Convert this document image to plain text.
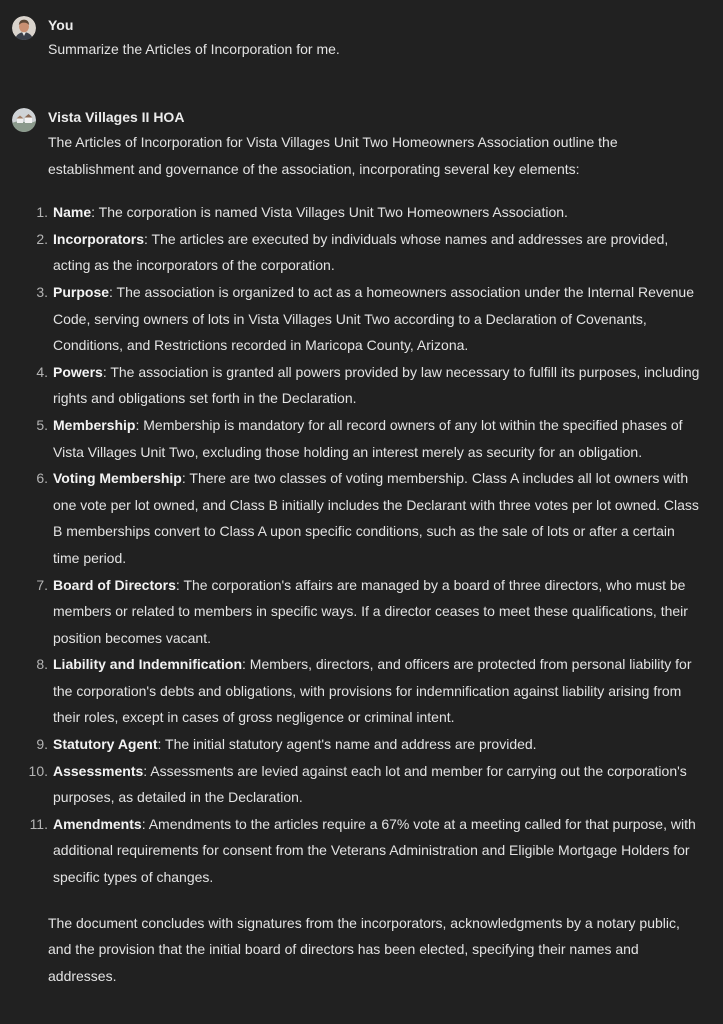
You
Summarize the Articles of Incorporation for me.
Vista Villages II HOA

The Articles of Incorporation for Vista Villages Unit Two Homeowners Association outline the establishment and governance of the association, incorporating several key elements:

1. Name: The corporation is named Vista Villages Unit Two Homeowners Association.
2. Incorporators: The articles are executed by individuals whose names and addresses are provided, acting as the incorporators of the corporation.
3. Purpose: The association is organized to act as a homeowners association under the Internal Revenue Code, serving owners of lots in Vista Villages Unit Two according to a Declaration of Covenants, Conditions, and Restrictions recorded in Maricopa County, Arizona.
4. Powers: The association is granted all powers provided by law necessary to fulfill its purposes, including rights and obligations set forth in the Declaration.
5. Membership: Membership is mandatory for all record owners of any lot within the specified phases of Vista Villages Unit Two, excluding those holding an interest merely as security for an obligation.
6. Voting Membership: There are two classes of voting membership. Class A includes all lot owners with one vote per lot owned, and Class B initially includes the Declarant with three votes per lot owned. Class B memberships convert to Class A upon specific conditions, such as the sale of lots or after a certain time period.
7. Board of Directors: The corporation's affairs are managed by a board of three directors, who must be members or related to members in specific ways. If a director ceases to meet these qualifications, their position becomes vacant.
8. Liability and Indemnification: Members, directors, and officers are protected from personal liability for the corporation's debts and obligations, with provisions for indemnification against liability arising from their roles, except in cases of gross negligence or criminal intent.
9. Statutory Agent: The initial statutory agent's name and address are provided.
10. Assessments: Assessments are levied against each lot and member for carrying out the corporation's purposes, as detailed in the Declaration.
11. Amendments: Amendments to the articles require a 67% vote at a meeting called for that purpose, with additional requirements for consent from the Veterans Administration and Eligible Mortgage Holders for specific types of changes.

The document concludes with signatures from the incorporators, acknowledgments by a notary public, and the provision that the initial board of directors has been elected, specifying their names and addresses.
